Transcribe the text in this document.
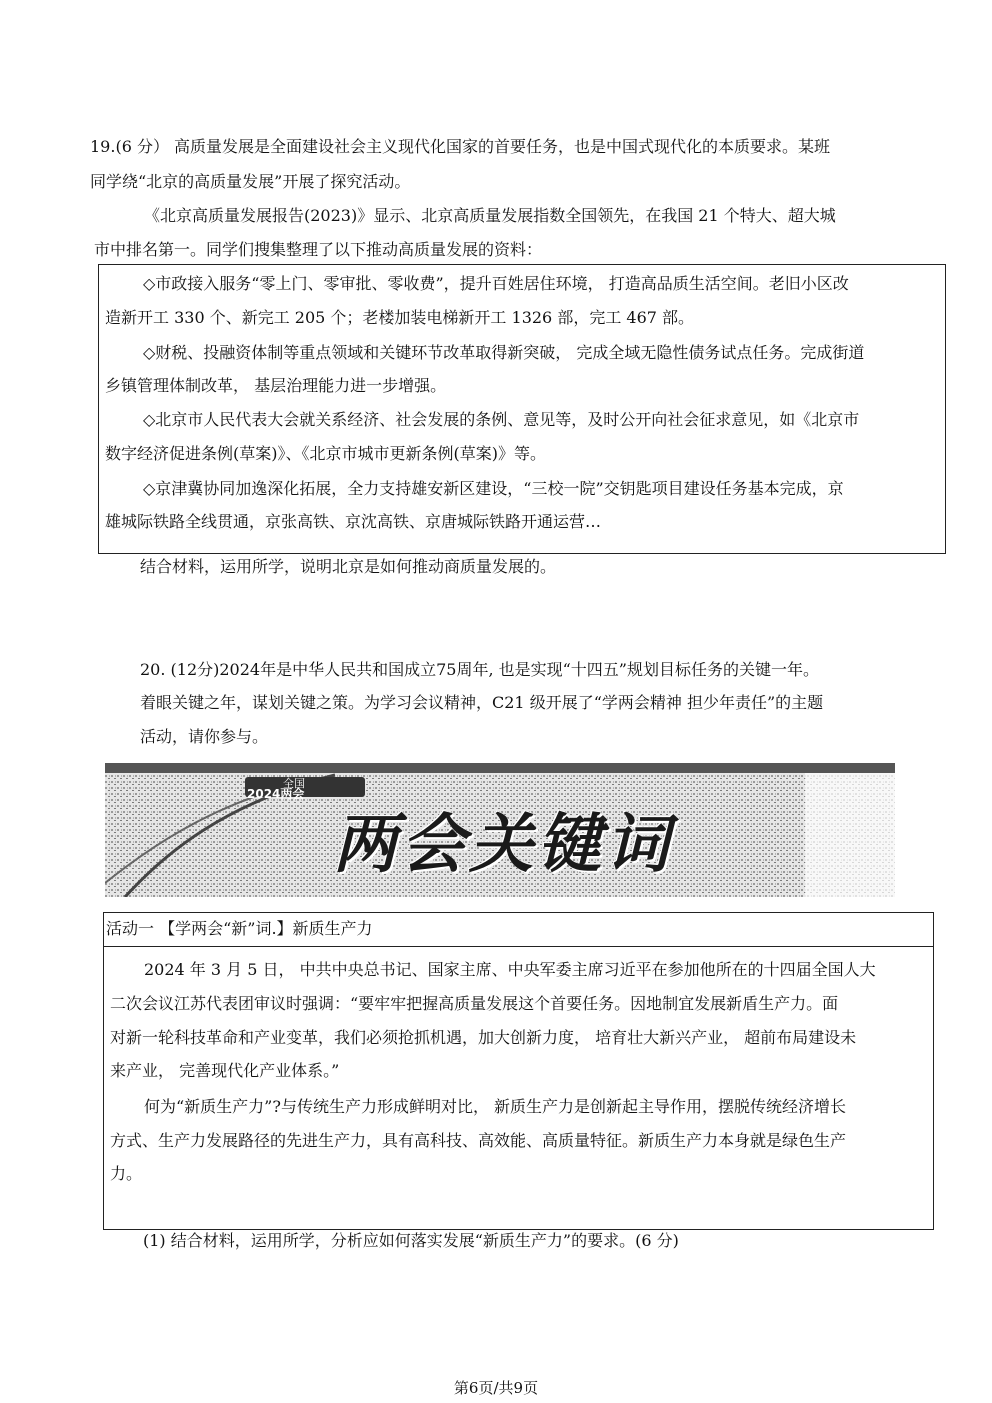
19.(6 分） 高质量发展是全面建设社会主义现代化国家的首要任务，也是中国式现代化的本质要求。某班
同学绕“北京的高质量发展”开展了探究活动。
《北京高质量发展报告(2023)》显示、北京高质量发展指数全国领先，在我国 21 个特大、超大城
市中排名第一。同学们搜集整理了以下推动高质量发展的资料：
◇市政接入服务“零上门、零审批、零收费”，提升百姓居住环境， 打造高品质生活空间。老旧小区改
造新开工 330 个、新完工 205 个；老楼加装电梯新开工 1326 部，完工 467 部。
◇财税、投融资体制等重点领域和关键环节改革取得新突破， 完成全域无隐性债务试点任务。完成街道
乡镇管理体制改革， 基层治理能力进一步增强。
◇北京市人民代表大会就关系经济、社会发展的条例、意见等，及时公开向社会征求意见，如《北京市
数字经济促进条例(草案)》、《北京市城市更新条例(草案)》等。
◇京津冀协同加逸深化拓展，全力支持雄安新区建设，“三校一院”交钥匙项目建设任务基本完成，京
雄城际铁路全线贯通，京张高铁、京沈高铁、京唐城际铁路开通运营…
结合材料，运用所学，说明北京是如何推动商质量发展的。
20. (12分)2024年是中华人民共和国成立75周年, 也是实现“十四五”规划目标任务的关键一年。
着眼关键之年，谋划关键之策。为学习会议精神，C21 级开展了“学两会精神 担少年责任”的主题
活动，请你参与。
全国
2024两会
两会关键词
活动一 【学两会“新”词.】新质生产力
2024 年 3 月 5 日， 中共中央总书记、国家主席、中央军委主席习近平在参加他所在的十四届全国人大
二次会议江苏代表团审议时强调：“要牢牢把握高质量发展这个首要任务。因地制宜发展新盾生产力。面
对新一轮科技革命和产业变革，我们必须抢抓机遇，加大创新力度， 培育壮大新兴产业， 超前布局建设未
来产业， 完善现代化产业体系。”
何为“新质生产力”?与传统生产力形成鲜明对比， 新质生产力是创新起主导作用，摆脱传统经济增长
方式、生产力发展路径的先进生产力，具有高科技、高效能、高质量特征。新质生产力本身就是绿色生产
力。
(1) 结合材料，运用所学，分析应如何落实发展“新质生产力”的要求。(6 分)
第6页/共9页
